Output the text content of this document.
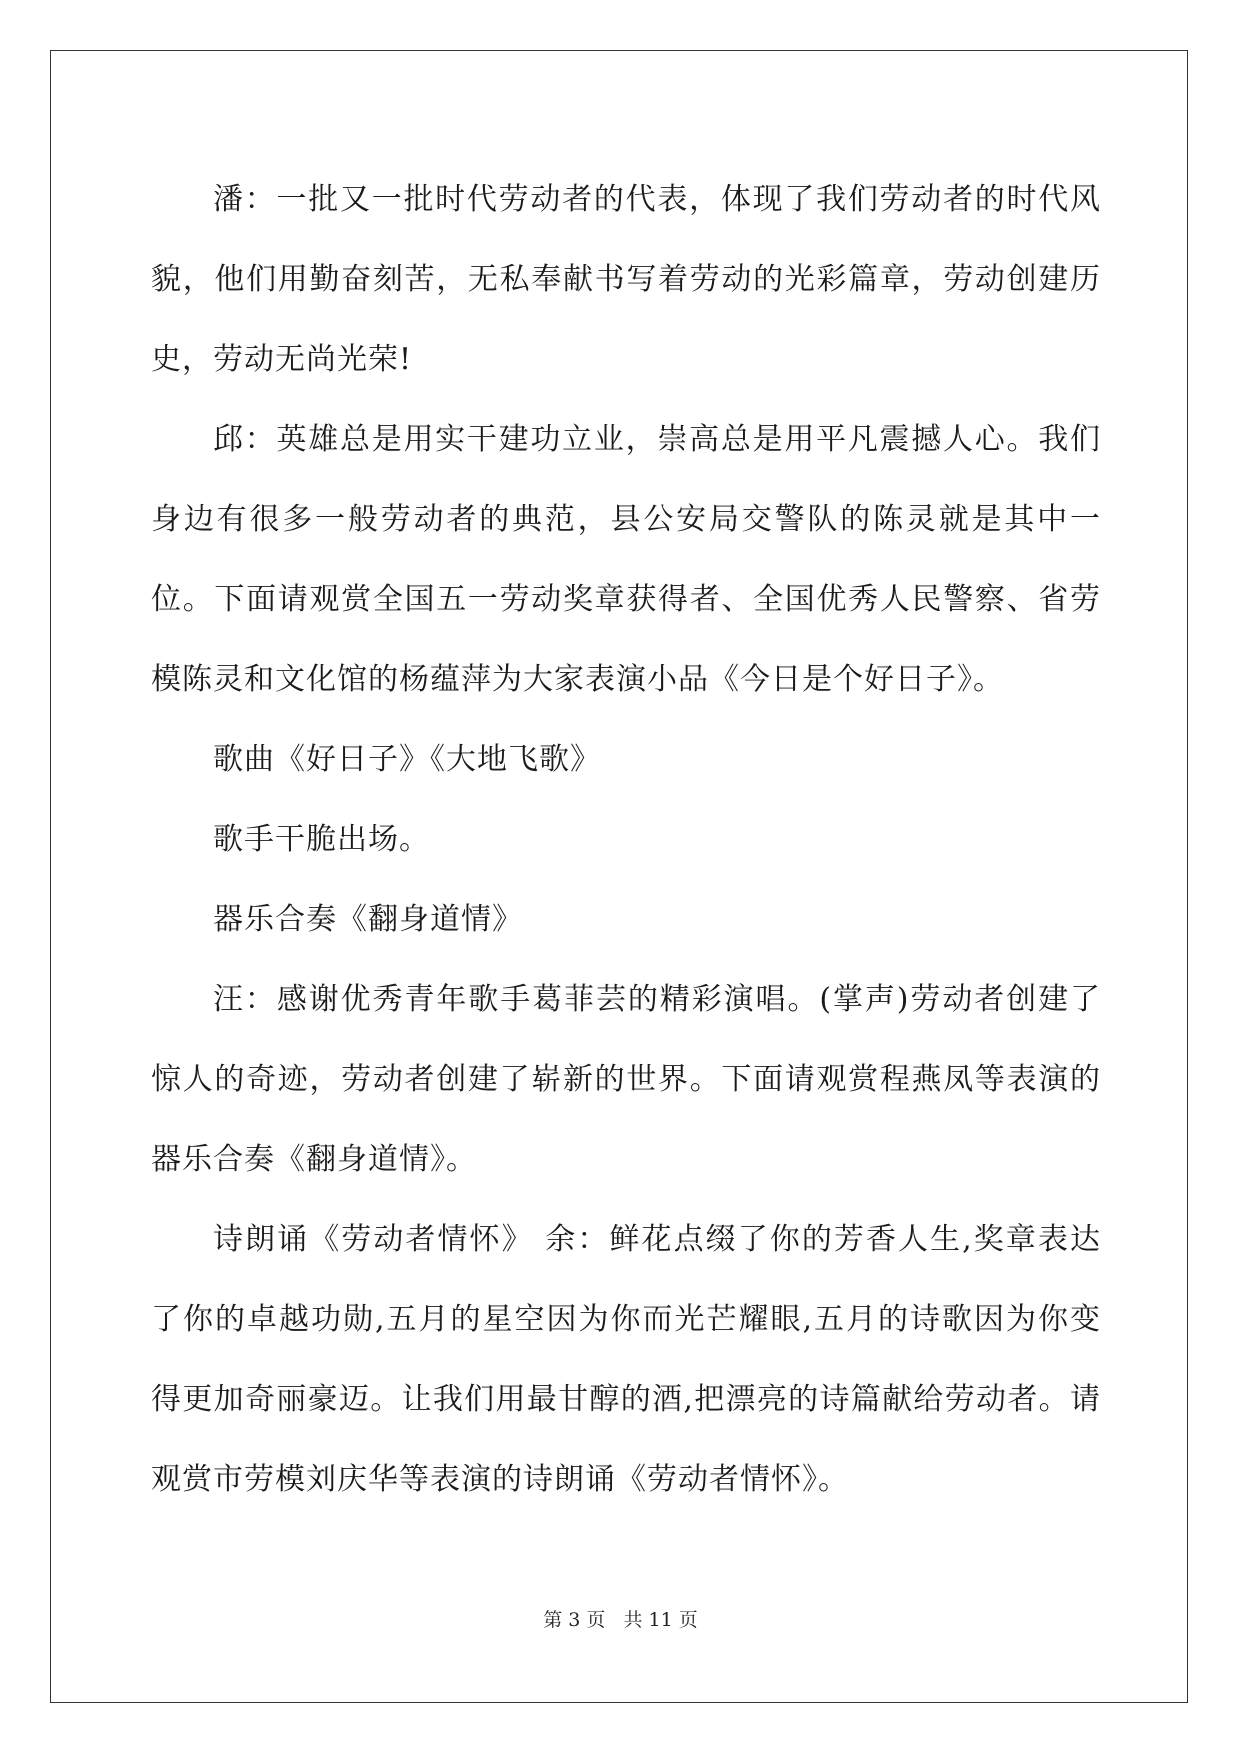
潘：一批又一批时代劳动者的代表，体现了我们劳动者的时代风貌，他们用勤奋刻苦，无私奉献书写着劳动的光彩篇章，劳动创建历史，劳动无尚光荣!

邱：英雄总是用实干建功立业，崇高总是用平凡震撼人心。我们身边有很多一般劳动者的典范，县公安局交警队的陈灵就是其中一位。下面请观赏全国五一劳动奖章获得者、全国优秀人民警察、省劳模陈灵和文化馆的杨蕴萍为大家表演小品《今日是个好日子》。

歌曲《好日子》《大地飞歌》

歌手干脆出场。

器乐合奏《翻身道情》

汪：感谢优秀青年歌手葛菲芸的精彩演唱。(掌声)劳动者创建了惊人的奇迹，劳动者创建了崭新的世界。下面请观赏程燕凤等表演的器乐合奏《翻身道情》。

诗朗诵《劳动者情怀》 余：鲜花点缀了你的芳香人生,奖章表达了你的卓越功勋,五月的星空因为你而光芒耀眼,五月的诗歌因为你变得更加奇丽豪迈。让我们用最甘醇的酒,把漂亮的诗篇献给劳动者。请观赏市劳模刘庆华等表演的诗朗诵《劳动者情怀》。

第 3 页 共 11 页
